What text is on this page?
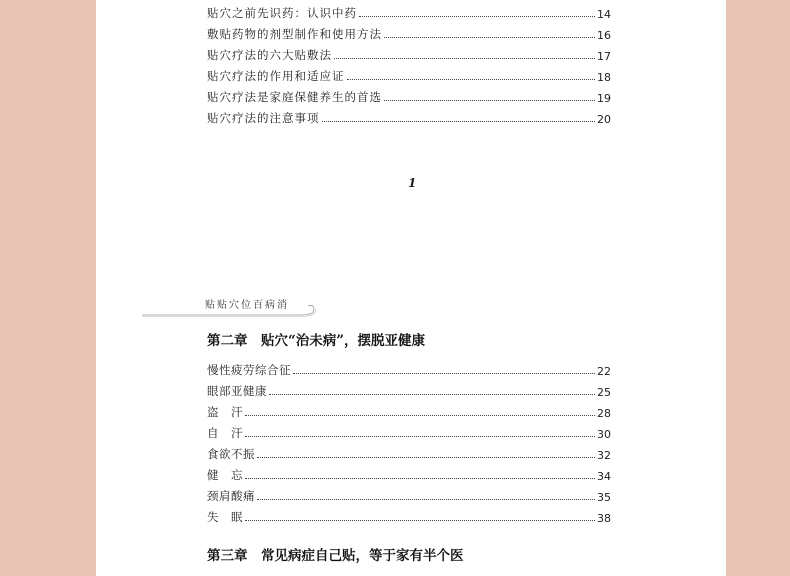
贴穴之前先识药：认识中药	14
敷贴药物的剂型制作和使用方法	16
贴穴疗法的六大贴敷法	17
贴穴疗法的作用和适应证	18
贴穴疗法是家庭保健养生的首选	19
贴穴疗法的注意事项	20
1
贴贴穴位百病消
第二章　贴穴“治未病”，摆脱亚健康
慢性疲劳综合征	22
眼部亚健康	25
盗　汗	28
自　汗	30
食欲不振	32
健　忘	34
颈肩酸痛	35
失　眠	38
第三章　常见病症自己贴，等于家有半个医
